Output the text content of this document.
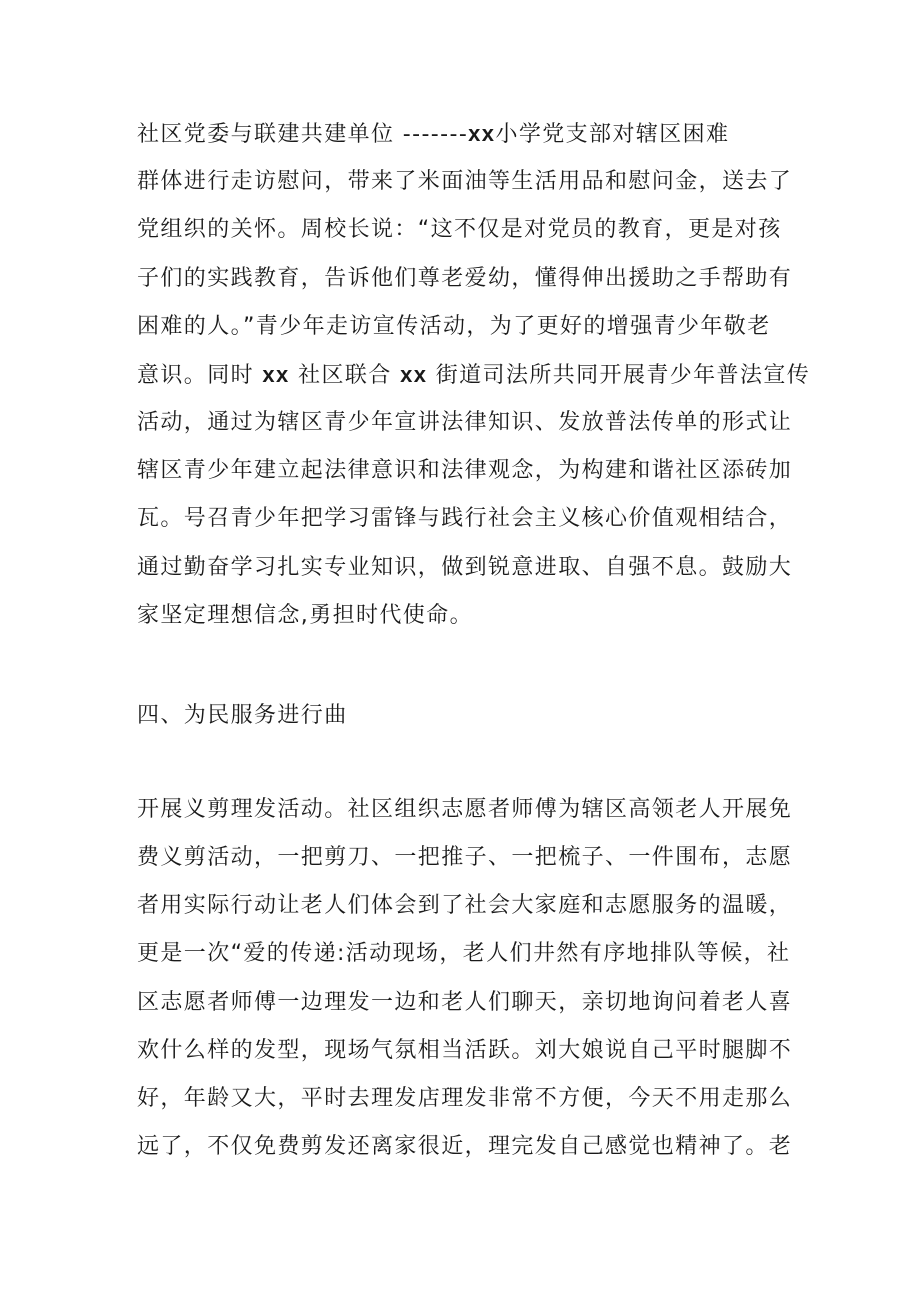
社区党委与联建共建单位 -------xx小学党支部对辖区困难
群体进行走访慰问，带来了米面油等生活用品和慰问金，送去了
党组织的关怀。周校长说：“这不仅是对党员的教育，更是对孩
子们的实践教育，告诉他们尊老爱幼，懂得伸出援助之手帮助有
困难的人。”青少年走访宣传活动，为了更好的增强青少年敬老
意识。同时 xx 社区联合 xx 街道司法所共同开展青少年普法宣传
活动，通过为辖区青少年宣讲法律知识、发放普法传单的形式让
辖区青少年建立起法律意识和法律观念，为构建和谐社区添砖加
瓦。号召青少年把学习雷锋与践行社会主义核心价值观相结合，
通过勤奋学习扎实专业知识，做到锐意进取、自强不息。鼓励大
家坚定理想信念,勇担时代使命。
四、为民服务进行曲
开展义剪理发活动。社区组织志愿者师傅为辖区高领老人开展免
费义剪活动，一把剪刀、一把推子、一把梳子、一件围布，志愿
者用实际行动让老人们体会到了社会大家庭和志愿服务的温暖，
更是一次“爱的传递:活动现场，老人们井然有序地排队等候，社
区志愿者师傅一边理发一边和老人们聊天，亲切地询问着老人喜
欢什么样的发型，现场气氛相当活跃。刘大娘说自己平时腿脚不
好，年龄又大，平时去理发店理发非常不方便，今天不用走那么
远了，不仅免费剪发还离家很近，理完发自己感觉也精神了。老
